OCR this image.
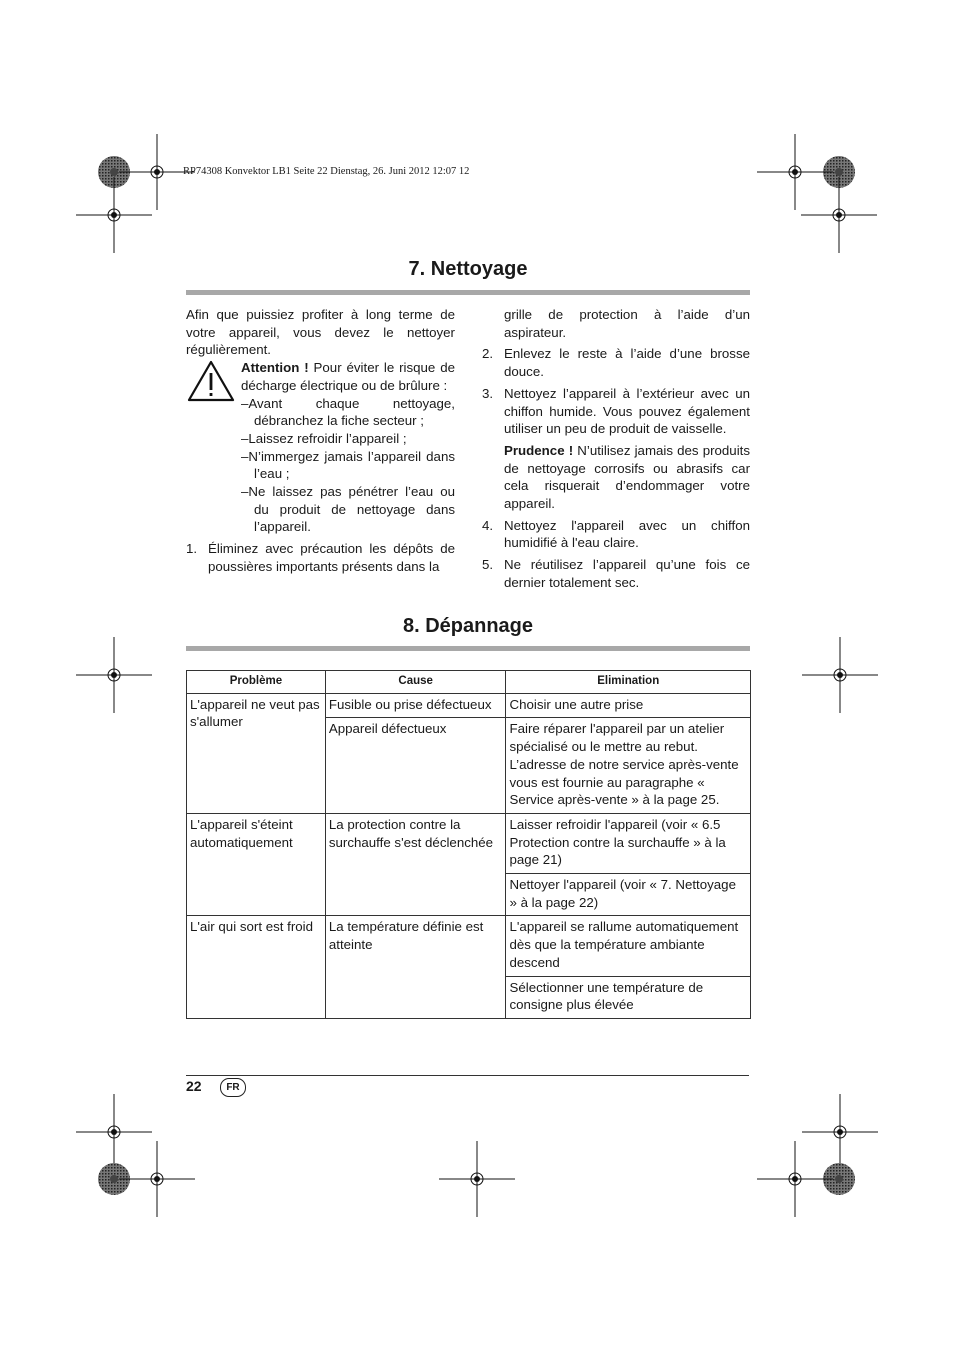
RP74308 Konvektor LB1 Seite 22 Dienstag, 26. Juni 2012 12:07 12
7. Nettoyage

Afin que puissiez profiter à long terme de votre appareil, vous devez le nettoyer régulièrement.

Attention ! Pour éviter le risque de décharge électrique ou de brûlure :

–Avant chaque nettoyage, débranchez la fiche secteur ;
–Laissez refroidir l’appareil ;
–N’immergez jamais l’appareil dans l’eau ;
–Ne laissez pas pénétrer l’eau ou du produit de nettoyage dans l’appareil.
1. Éliminez avec précaution les dépôts de poussières importants présents dans la
grille de protection à l’aide d’un aspirateur.
2. Enlevez le reste à l’aide d’une brosse douce.
3. Nettoyez l’appareil à l’extérieur avec un chiffon humide. Vous pouvez également utiliser un peu de produit de vaisselle.

Prudence ! N’utilisez jamais des produits de nettoyage corrosifs ou abrasifs car cela risquerait d’endommager votre appareil.

4. Nettoyez l'appareil avec un chiffon humidifié à l'eau claire.
5. Ne réutilisez l’appareil qu’une fois ce dernier totalement sec.
8. Dépannage
Problème	Cause	Elimination
L'appareil ne veut pas s'allumer	Fusible ou prise défectueux	Choisir une autre prise
	Appareil défectueux	Faire réparer l'appareil par un atelier spécialisé ou le mettre au rebut. L’adresse de notre service après-vente vous est fournie au paragraphe « Service après-vente » à la page 25.
L'appareil s'éteint automatiquement	La protection contre la surchauffe s'est déclenchée	Laisser refroidir l'appareil (voir « 6.5 Protection contre la surchauffe » à la page 21)
		Nettoyer l'appareil (voir « 7. Nettoyage » à la page 22)
L'air qui sort est froid	La température définie est atteinte	L'appareil se rallume automatiquement dès que la température ambiante descend
		Sélectionner une température de consigne plus élevée
22	FR
